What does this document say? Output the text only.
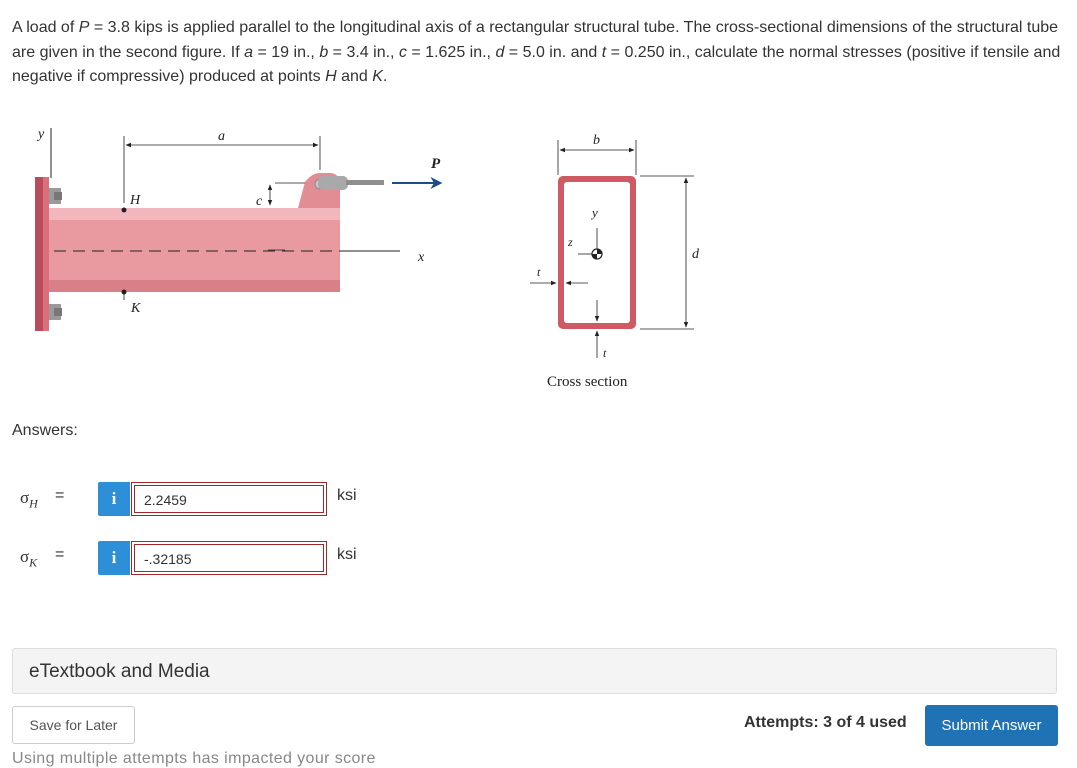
A load of P = 3.8 kips is applied parallel to the longitudinal axis of a rectangular structural tube. The cross-sectional dimensions of the structural tube are given in the second figure. If a = 19 in., b = 3.4 in., c = 1.625 in., d = 5.0 in. and t = 0.250 in., calculate the normal stresses (positive if tensile and negative if compressive) produced at points H and K.
y
P
a
H
K
c
x
b
y
z
d
t
t
Cross section
Answers:
$\sigma_H$ =	i	2.2459	ksi
$\sigma_K$ =	i	-.32185	ksi
eTextbook and Media
Save for Later	Attempts: 3 of 4 used	Submit Answer
Using multiple attempts has impacted your score
